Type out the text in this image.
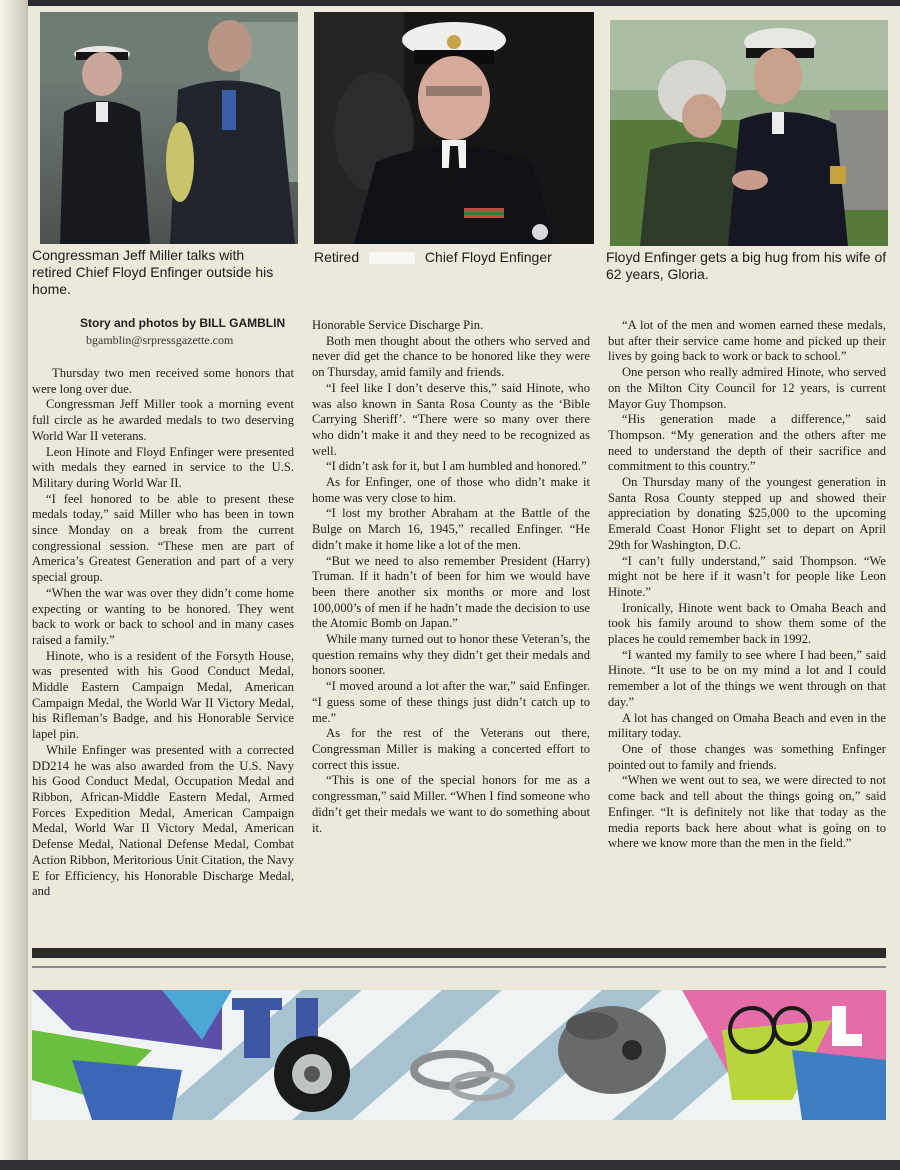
Congressman Jeff Miller talks with retired Chief Floyd Enfinger outside his home.
Retired	Chief Floyd Enfinger	Floyd Enfinger gets a big hug from his wife of 62 years, Gloria.
Story and photos by BILL GAMBLIN
bgamblin@srpressgazette.com

Thursday two men received some honors that were long over due.

Congressman Jeff Miller took a morning event full circle as he awarded medals to two deserving World War II veterans.

Leon Hinote and Floyd Enfinger were presented with medals they earned in service to the U.S. Military during World War II.

“I feel honored to be able to present these medals today,” said Miller who has been in town since Monday on a break from the current congressional session. “These men are part of America’s Greatest Generation and part of a very special group.

“When the war was over they didn’t come home expecting or wanting to be honored. They went back to work or back to school and in many cases raised a family.”

Hinote, who is a resident of the Forsyth House, was presented with his Good Conduct Medal, Middle Eastern Campaign Medal, American Campaign Medal, the World War II Victory Medal, his Rifleman’s Badge, and his Honorable Service lapel pin.

While Enfinger was presented with a corrected DD214 he was also awarded from the U.S. Navy his Good Conduct Medal, Occupation Medal and Ribbon, African-Middle Eastern Medal, Armed Forces Expedition Medal, American Campaign Medal, World War II Victory Medal, American Defense Medal, National Defense Medal, Combat Action Ribbon, Meritorious Unit Citation, the Navy E for Efficiency, his Honorable Discharge Medal, and

Honorable Service Discharge Pin.

Both men thought about the others who served and never did get the chance to be honored like they were on Thursday, amid family and friends.

“I feel like I don’t deserve this,” said Hinote, who was also known in Santa Rosa County as the ‘Bible Carrying Sheriff’. “There were so many over there who didn’t make it and they need to be recognized as well.

“I didn’t ask for it, but I am humbled and honored.”

As for Enfinger, one of those who didn’t make it home was very close to him.

“I lost my brother Abraham at the Battle of the Bulge on March 16, 1945,” recalled Enfinger. “He didn’t make it home like a lot of the men.

“But we need to also remember President (Harry) Truman. If it hadn’t of been for him we would have been there another six months or more and lost 100,000’s of men if he hadn’t made the decision to use the Atomic Bomb on Japan.”

While many turned out to honor these Veteran’s, the question remains why they didn’t get their medals and honors sooner.

“I moved around a lot after the war,” said Enfinger. “I guess some of these things just didn’t catch up to me.”

As for the rest of the Veterans out there, Congressman Miller is making a concerted effort to correct this issue.

“This is one of the special honors for me as a congressman,” said Miller. “When I find someone who didn’t get their medals we want to do something about it.

“A lot of the men and women earned these medals, but after their service came home and picked up their lives by going back to work or back to school.”

One person who really admired Hinote, who served on the Milton City Council for 12 years, is current Mayor Guy Thompson.

“His generation made a difference,” said Thompson. “My generation and the others after me need to understand the depth of their sacrifice and commitment to this country.”

On Thursday many of the youngest generation in Santa Rosa County stepped up and showed their appreciation by donating $25,000 to the upcoming Emerald Coast Honor Flight set to depart on April 29th for Washington, D.C.

“I can’t fully understand,” said Thompson. “We might not be here if it wasn’t for people like Leon Hinote.”

Ironically, Hinote went back to Omaha Beach and took his family around to show them some of the places he could remember back in 1992.

“I wanted my family to see where I had been,” said Hinote. “It use to be on my mind a lot and I could remember a lot of the things we went through on that day.”

A lot has changed on Omaha Beach and even in the military today.

One of those changes was something Enfinger pointed out to family and friends.

“When we went out to sea, we were directed to not come back and tell about the things going on,” said Enfinger. “It is definitely not like that today as the media reports back here about what is going on to where we know more than the men in the field.”
